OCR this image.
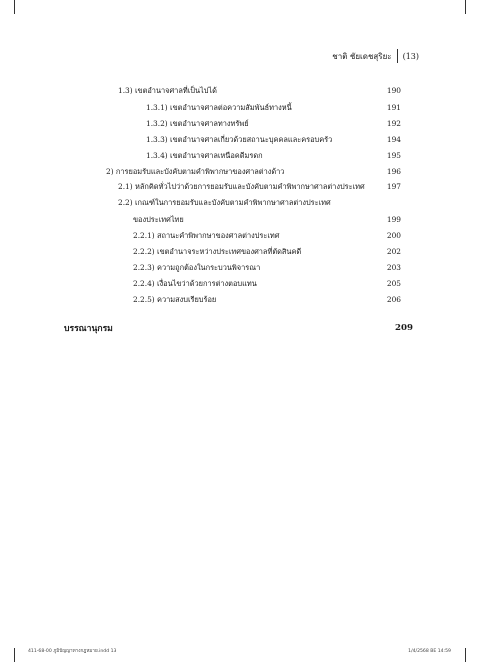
ชาติ ชัยเดชสุริยะ (13)
1.3) เขตอำนาจศาลที่เป็นไปได้	190
1.3.1) เขตอำนาจศาลต่อความสัมพันธ์ทางหนี้	191
1.3.2) เขตอำนาจศาลทางทรัพย์	192
1.3.3) เขตอำนาจศาลเกี่ยวด้วยสถานะบุคคลและครอบครัว	194
1.3.4) เขตอำนาจศาลเหนือคดีมรดก	195
2) การยอมรับและบังคับตามคำพิพากษาของศาลต่างด้าว	196
2.1) หลักคิดทั่วไปว่าด้วยการยอมรับและบังคับตามคำพิพากษาศาลต่างประเทศ	197
2.2) เกณฑ์ในการยอมรับและบังคับตามคำพิพากษาศาลต่างประเทศ
ของประเทศไทย	199
2.2.1) สถานะคำพิพากษาของศาลต่างประเทศ	200
2.2.2) เขตอำนาจระหว่างประเทศของศาลที่ตัดสินคดี	202
2.2.3) ความถูกต้องในกระบวนพิจารณา	203
2.2.4) เงื่อนไขว่าด้วยการต่างตอบแทน	205
2.2.5) ความสงบเรียบร้อย	206
บรรณานุกรม	209
411-68-00 ภูมิปัญญาทางกฎหมาย.indd 13	1/4/2568 BE 14:59
